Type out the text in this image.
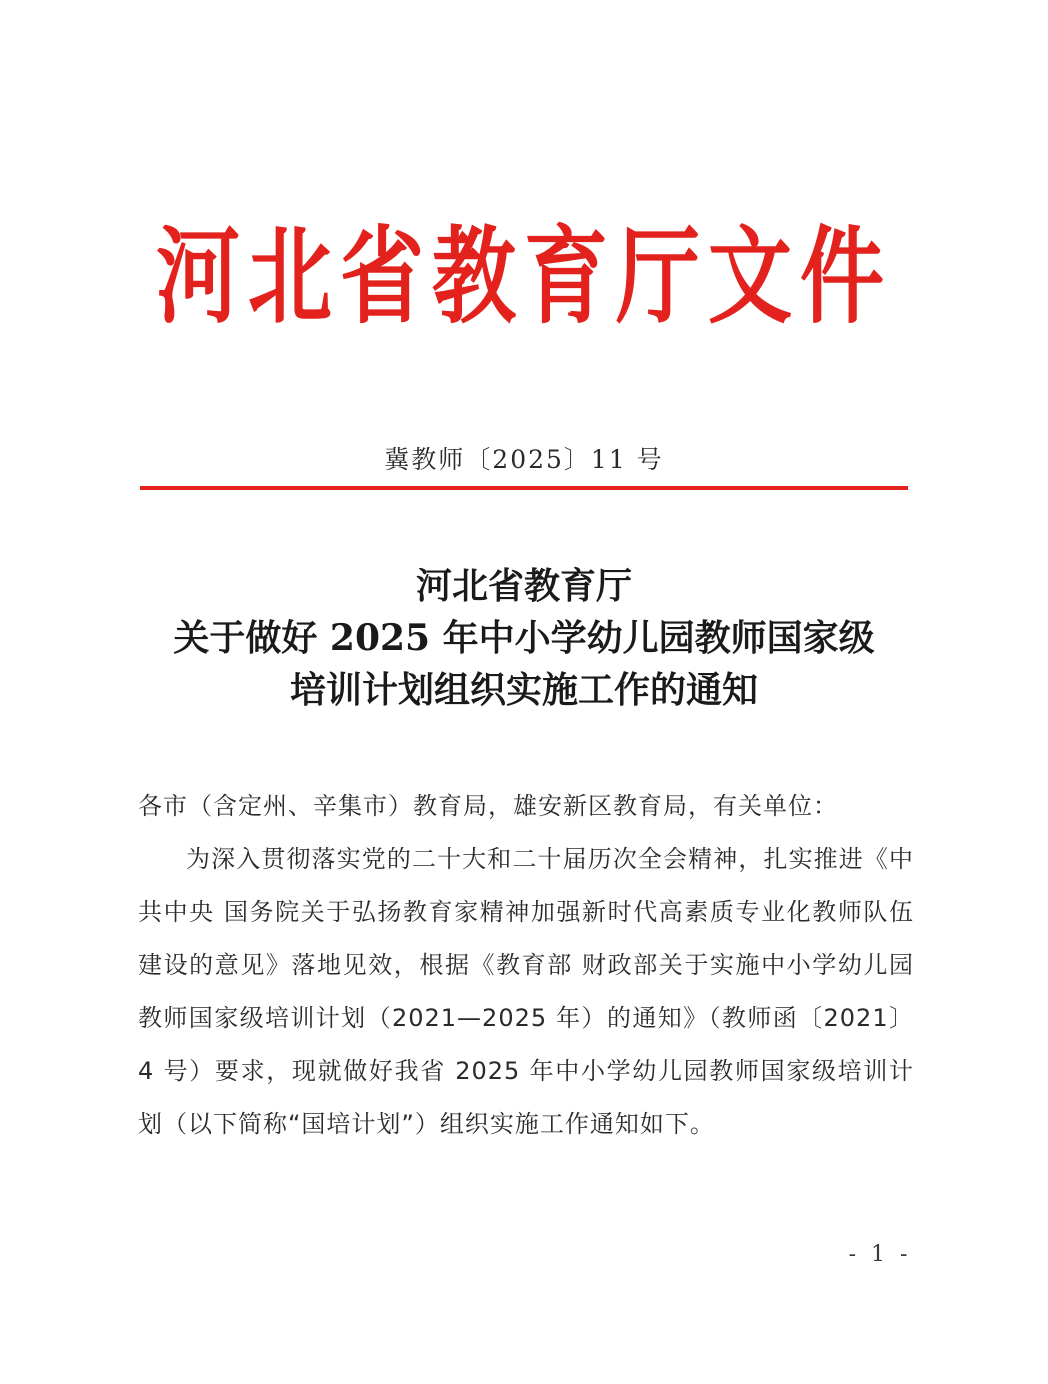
河北省教育厅文件
冀教师〔2025〕11 号
河北省教育厅
关于做好 2025 年中小学幼儿园教师国家级
培训计划组织实施工作的通知

各市（含定州、辛集市）教育局，雄安新区教育局，有关单位：

为深入贯彻落实党的二十大和二十届历次全会精神，扎实推进《中共中央 国务院关于弘扬教育家精神加强新时代高素质专业化教师队伍建设的意见》落地见效，根据《教育部 财政部关于实施中小学幼儿园教师国家级培训计划（2021—2025 年）的通知》（教师函〔2021〕4 号）要求，现就做好我省 2025 年中小学幼儿园教师国家级培训计划（以下简称“国培计划”）组织实施工作通知如下。

- 1 -
